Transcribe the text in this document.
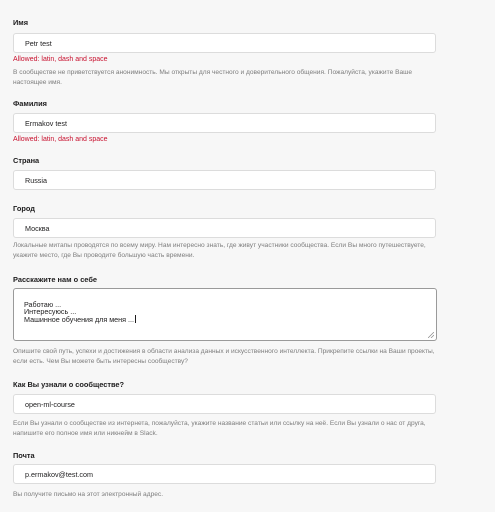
Имя
Petr test
Allowed: latin, dash and space
В сообществе не приветствуется анонимность. Мы открыты для честного и доверительного общения. Пожалуйста, укажите Ваше настоящее имя.
Фамилия
Ermakov test
Allowed: latin, dash and space
Страна
Russia
Город
Москва
Локальные митапы проводятся по всему миру. Нам интересно знать, где живут участники сообщества. Если Вы много путешествуете, укажите место, где Вы проводите большую часть времени.
Расскажите нам о себе
Работаю ...
Интересуюсь ...
Машинное обучения для меня ...
Опишите свой путь, успехи и достижения в области анализа данных и искусственного интеллекта. Прикрепите ссылки на Ваши проекты, если есть. Чем Вы можете быть интересны сообществу?
Как Вы узнали о сообществе?
open-ml-course
Если Вы узнали о сообществе из интернета, пожалуйста, укажите название статьи или ссылку на неё. Если Вы узнали о нас от друга, напишите его полное имя или никнейм в Slack.
Почта
p.ermakov@test.com
Вы получите письмо на этот электронный адрес.
